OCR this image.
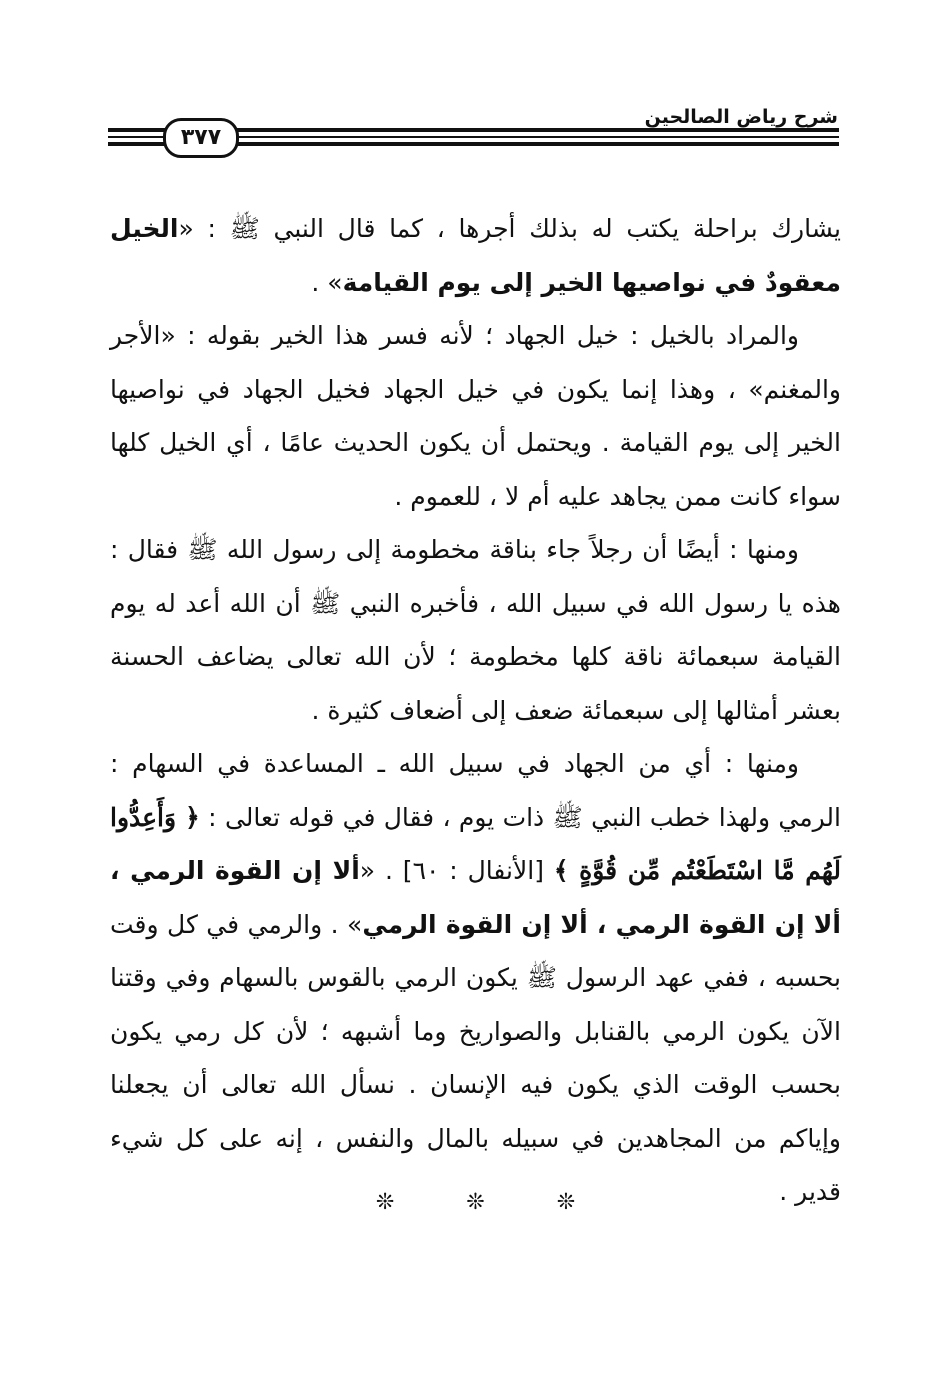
شرح رياض الصالحين
٣٧٧

يشارك براحلة يكتب له بذلك أجرها ، كما قال النبي ﷺ : «الخيل معقودٌ في نواصيها الخير إلى يوم القيامة» .

والمراد بالخيل : خيل الجهاد ؛ لأنه فسر هذا الخير بقوله : «الأجر والمغنم» ، وهذا إنما يكون في خيل الجهاد فخيل الجهاد في نواصيها الخير إلى يوم القيامة . ويحتمل أن يكون الحديث عامًا ، أي الخيل كلها سواء كانت ممن يجاهد عليه أم لا ، للعموم .

ومنها : أيضًا أن رجلاً جاء بناقة مخطومة إلى رسول الله ﷺ فقال : هذه يا رسول الله في سبيل الله ، فأخبره النبي ﷺ أن الله أعد له يوم القيامة سبعمائة ناقة كلها مخطومة ؛ لأن الله تعالى يضاعف الحسنة بعشر أمثالها إلى سبعمائة ضعف إلى أضعاف كثيرة .

ومنها : أي من الجهاد في سبيل الله ـ المساعدة في السهام : الرمي ولهذا خطب النبي ﷺ ذات يوم ، فقال في قوله تعالى : ﴿ وَأَعِدُّوا لَهُم مَّا اسْتَطَعْتُم مِّن قُوَّةٍ ﴾ [الأنفال : ٦٠] . «ألا إن القوة الرمي ، ألا إن القوة الرمي ، ألا إن القوة الرمي» . والرمي في كل وقت بحسبه ، ففي عهد الرسول ﷺ يكون الرمي بالقوس بالسهام وفي وقتنا الآن يكون الرمي بالقنابل والصواريخ وما أشبهه ؛ لأن كل رمي يكون بحسب الوقت الذي يكون فيه الإنسان . نسأل الله تعالى أن يجعلنا وإياكم من المجاهدين في سبيله بالمال والنفس ، إنه على كل شيء قدير .

❊	❊	❊
